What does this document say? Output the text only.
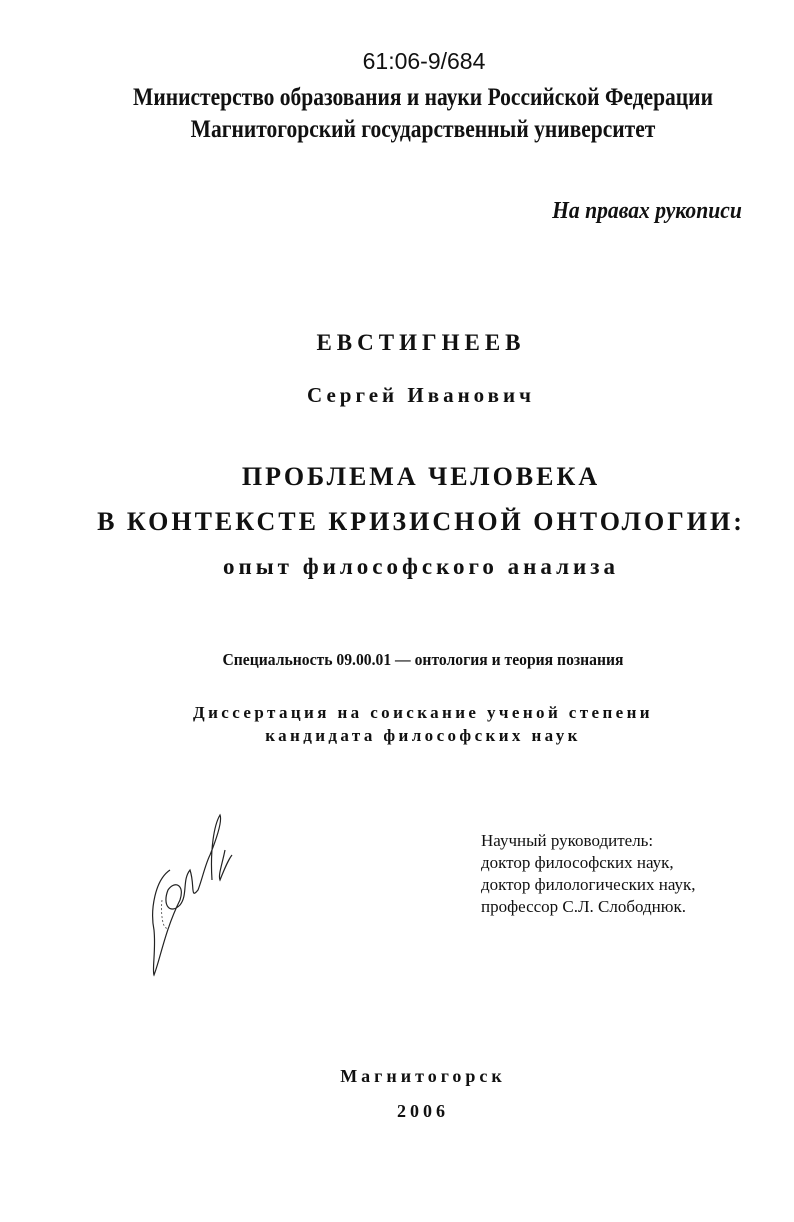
61:06-9/684
Министерство образования и науки Российской Федерации
Магнитогорский государственный университет
На правах рукописи
ЕВСТИГНЕЕВ
Сергей Иванович
ПРОБЛЕМА ЧЕЛОВЕКА
В КОНТЕКСТЕ КРИЗИСНОЙ ОНТОЛОГИИ:
опыт философского анализа
Специальность 09.00.01 — онтология и теория познания
Диссертация на соискание ученой степени
кандидата философских наук
Научный руководитель:
доктор философских наук,
доктор филологических наук,
профессор С.Л. Слободнюк.
Магнитогорск
2006
